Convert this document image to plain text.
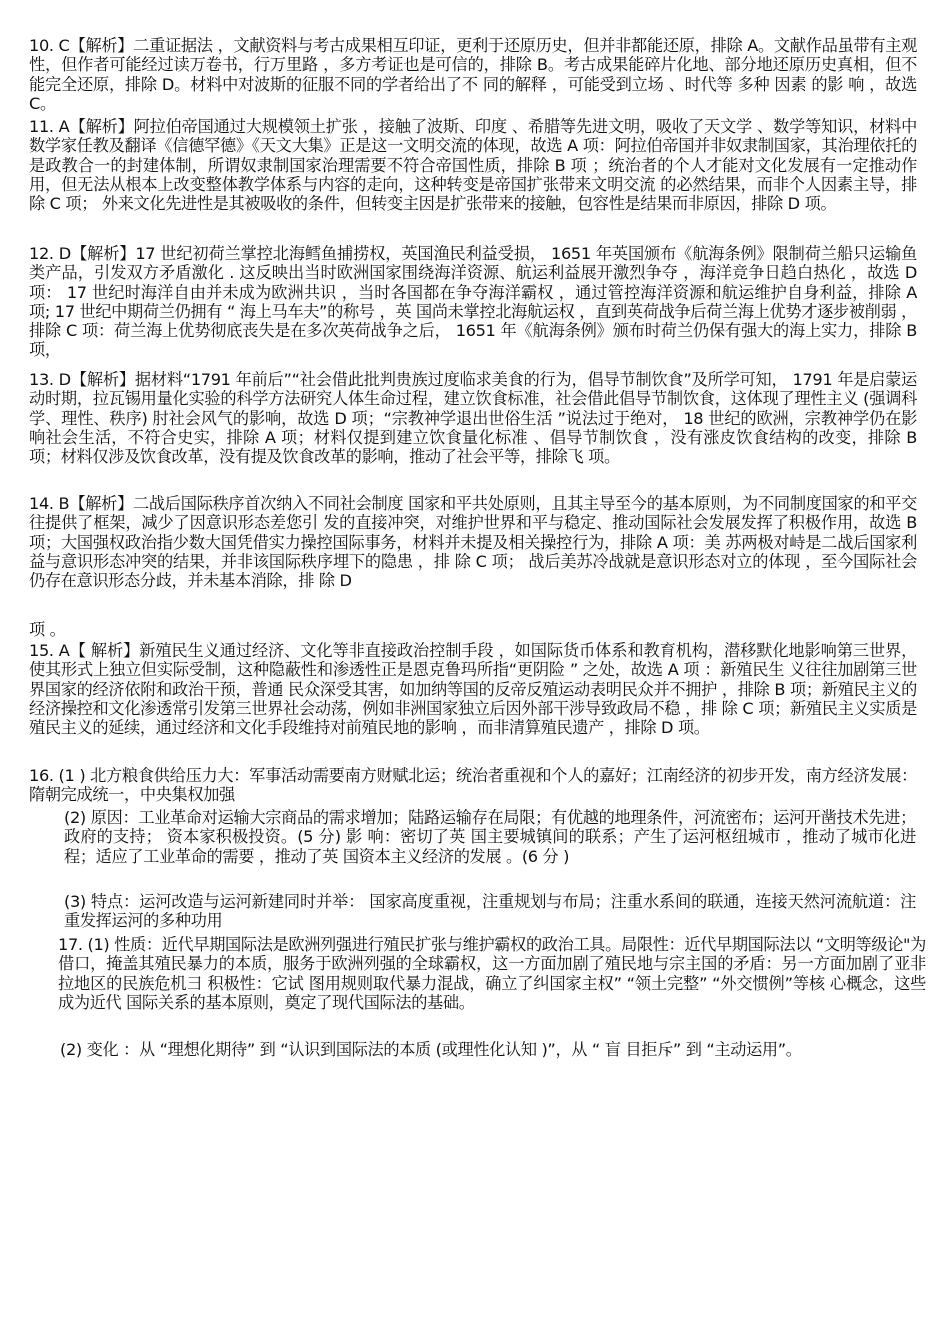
10. C【解析】二重证据法 ，文献资料与考古成果相互印证，更利于还原历史，但并非都能还原，排除 A。文献作品虽带有主观性，但作者可能经过读万卷书，行万里路 ，多方考证也是可信的，排除 B。考古成果能碎片化地、部分地还原历史真相，但不能完全还原，排除 D。材料中对波斯的征服不同的学者给出了不 同的解释 ，可能受到立场 、时代等 多种 因素 的影 响 ，故选 C。

11. A【解析】阿拉伯帝国通过大规模领土扩张 ，接触了波斯、印度 、希腊等先进文明，吸收了天文学 、数学等知识，材料中数学家任教及翻译《信德罕德》《天文大集》正是这一文明交流的体现，故选 A 项：阿拉伯帝国并非奴隶制国家，其治理依托的是政教合一的封建体制，所谓奴隶制国家治理需要不符合帝国性质，排除 B 项 ；统治者的个人才能对文化发展有一定推动作用，但无法从根本上改变整体教学体系与内容的走向，这种转变是帝国扩张带来文明交流 的必然结果，而非个人因素主导，排 除 C 项； 外来文化先进性是其被吸收的条件，但转变主因是扩张带来的接触，包容性是结果而非原因，排除 D 项。

12. D【解析】17 世纪初荷兰掌控北海鳕鱼捕捞权，英国渔民利益受损， 1651 年英国颁布《航海条例》限制荷兰船只运输鱼类产品，引发双方矛盾激化 . 这反映出当时欧洲国家围绕海洋资源、航运利益展开激烈争夺 ，海洋竞争日趋白热化 ，故选 D 项： 17 世纪时海洋自由并未成为欧洲共识 ，当时各国都在争夺海洋霸权 ，通过管控海洋资源和航运维护自身利益，排除 A 项; 17 世纪中期荷兰仍拥有 “ 海上马车夫”的称号 ，英 国尚未掌控北海航运权 ，直到英荷战争后荷兰海上优势才逐步被削弱 ，排除 C 项：荷兰海上优势彻底丧失是在多次英荷战争之后， 1651 年《航海条例》颁布时荷兰仍保有强大的海上实力，排除 B 项，

13. D【解析】据材料“1791 年前后”“社会借此批判贵族过度临求美食的行为，倡导节制饮食”及所学可知， 1791 年是启蒙运动时期，拉瓦锡用量化实验的科学方法研究人体生命过程，建立饮食标准，社会借此倡导节制饮食，这体现了理性主义 (强调科学、理性、秩序) 肘社会风气的影响，故选 D 项；“宗教神学退出世俗生活 ”说法过于绝对， 18 世纪的欧洲，宗教神学仍在影响社会生活，不符合史实，排除 A 项；材料仅提到建立饮食量化标准 、倡导节制饮食 ，没有涨皮饮食结构的改变，排除 B 项；材料仅涉及饮食改革，没有提及饮食改革的影响，推动了社会平等，排除飞 项。

14. B【解析】二战后国际秩序首次纳入不同社会制度 国家和平共处原则，且其主导至今的基本原则，为不同制度国家的和平交往提供了框架，减少了因意识形态差您引 发的直接冲突，对维护世界和平与稳定、推动国际社会发展发挥了积极作用，故选 B 项；大国强权政治指少数大国凭借实力操控国际事务，材料并未提及相关操控行为，排除 A 项：美 苏两极对峙是二战后国家利益与意识形态冲突的结果，并非该国际秩序埋下的隐患 ，排 除 C 项； 战后美苏冷战就是意识形态对立的体现 ，至今国际社会仍存在意识形态分歧，并未基本消除，排 除 D

项 。

15. A【 解析】新殖民生义通过经济、文化等非直接政治控制手段 ，如国际货币体系和教育机构，潜移默化地影响第三世界， 使其形式上独立但实际受制，这种隐蔽性和渗透性正是恩克鲁玛所指“更阴险 ” 之处，故选 A 项 ：新殖民生 义往往加剧第三世界国家的经济依附和政治干预，普通 民众深受其害，如加纳等国的反帝反殖运动表明民众并不拥护 ，排除 B 项；新殖民主义的经济操控和文化渗透常引发第三世界社会动荡，例如非洲国家独立后因外部干涉导致政局不稳 ，排 除 C 项；新殖民主义实质是殖民主义的延续，通过经济和文化手段维持对前殖民地的影响 ，而非清算殖民遗产 ，排除 D 项。

16. (1 ) 北方粮食供给压力大：军事活动需要南方财赋北运；统治者重视和个人的嘉好；江南经济的初步开发，南方经济发展：隋朝完成统一，中央集权加强

(2) 原因：工业革命对运输大宗商品的需求增加；陆路运输存在局限；有优越的地理条件，河流密布；运河开凿技术先进；政府的支持； 资本家积极投资。(5 分) 影 响：密切了英 国主要城镇间的联系；产生了运河枢纽城市 ，推动了城市化进程；适应了工业革命的需要 ，推动了英 国资本主义经济的发展 。(6 分 )

(3) 特点：运河改造与运河新建同时并举： 国家高度重视，注重规划与布局；注重水系间的联通，连接天然河流航道：注重发挥运河的多种功用

17. (1) 性质：近代早期国际法是欧洲列强进行殖民扩张与维护霸权的政治工具。局限性：近代早期国际法以 “文明等级论"为借口，掩盖其殖民暴力的本质，服务于欧洲列强的全球霸权，这一方面加剧了殖民地与宗主国的矛盾：另一方面加剧了亚非拉地区的民族危机彐 积极性：它试 图用规则取代暴力混战，确立了纠国家主权” “领土完整” “外交惯例”等核 心概念，这些成为近代 国际关系的基本原则，奠定了现代国际法的基础。

(2) 变化 ：从 “理想化期待” 到 “认识到国际法的本质 (或理性化认知 )”，从 “ 盲 目拒斥” 到 “主动运用”。
